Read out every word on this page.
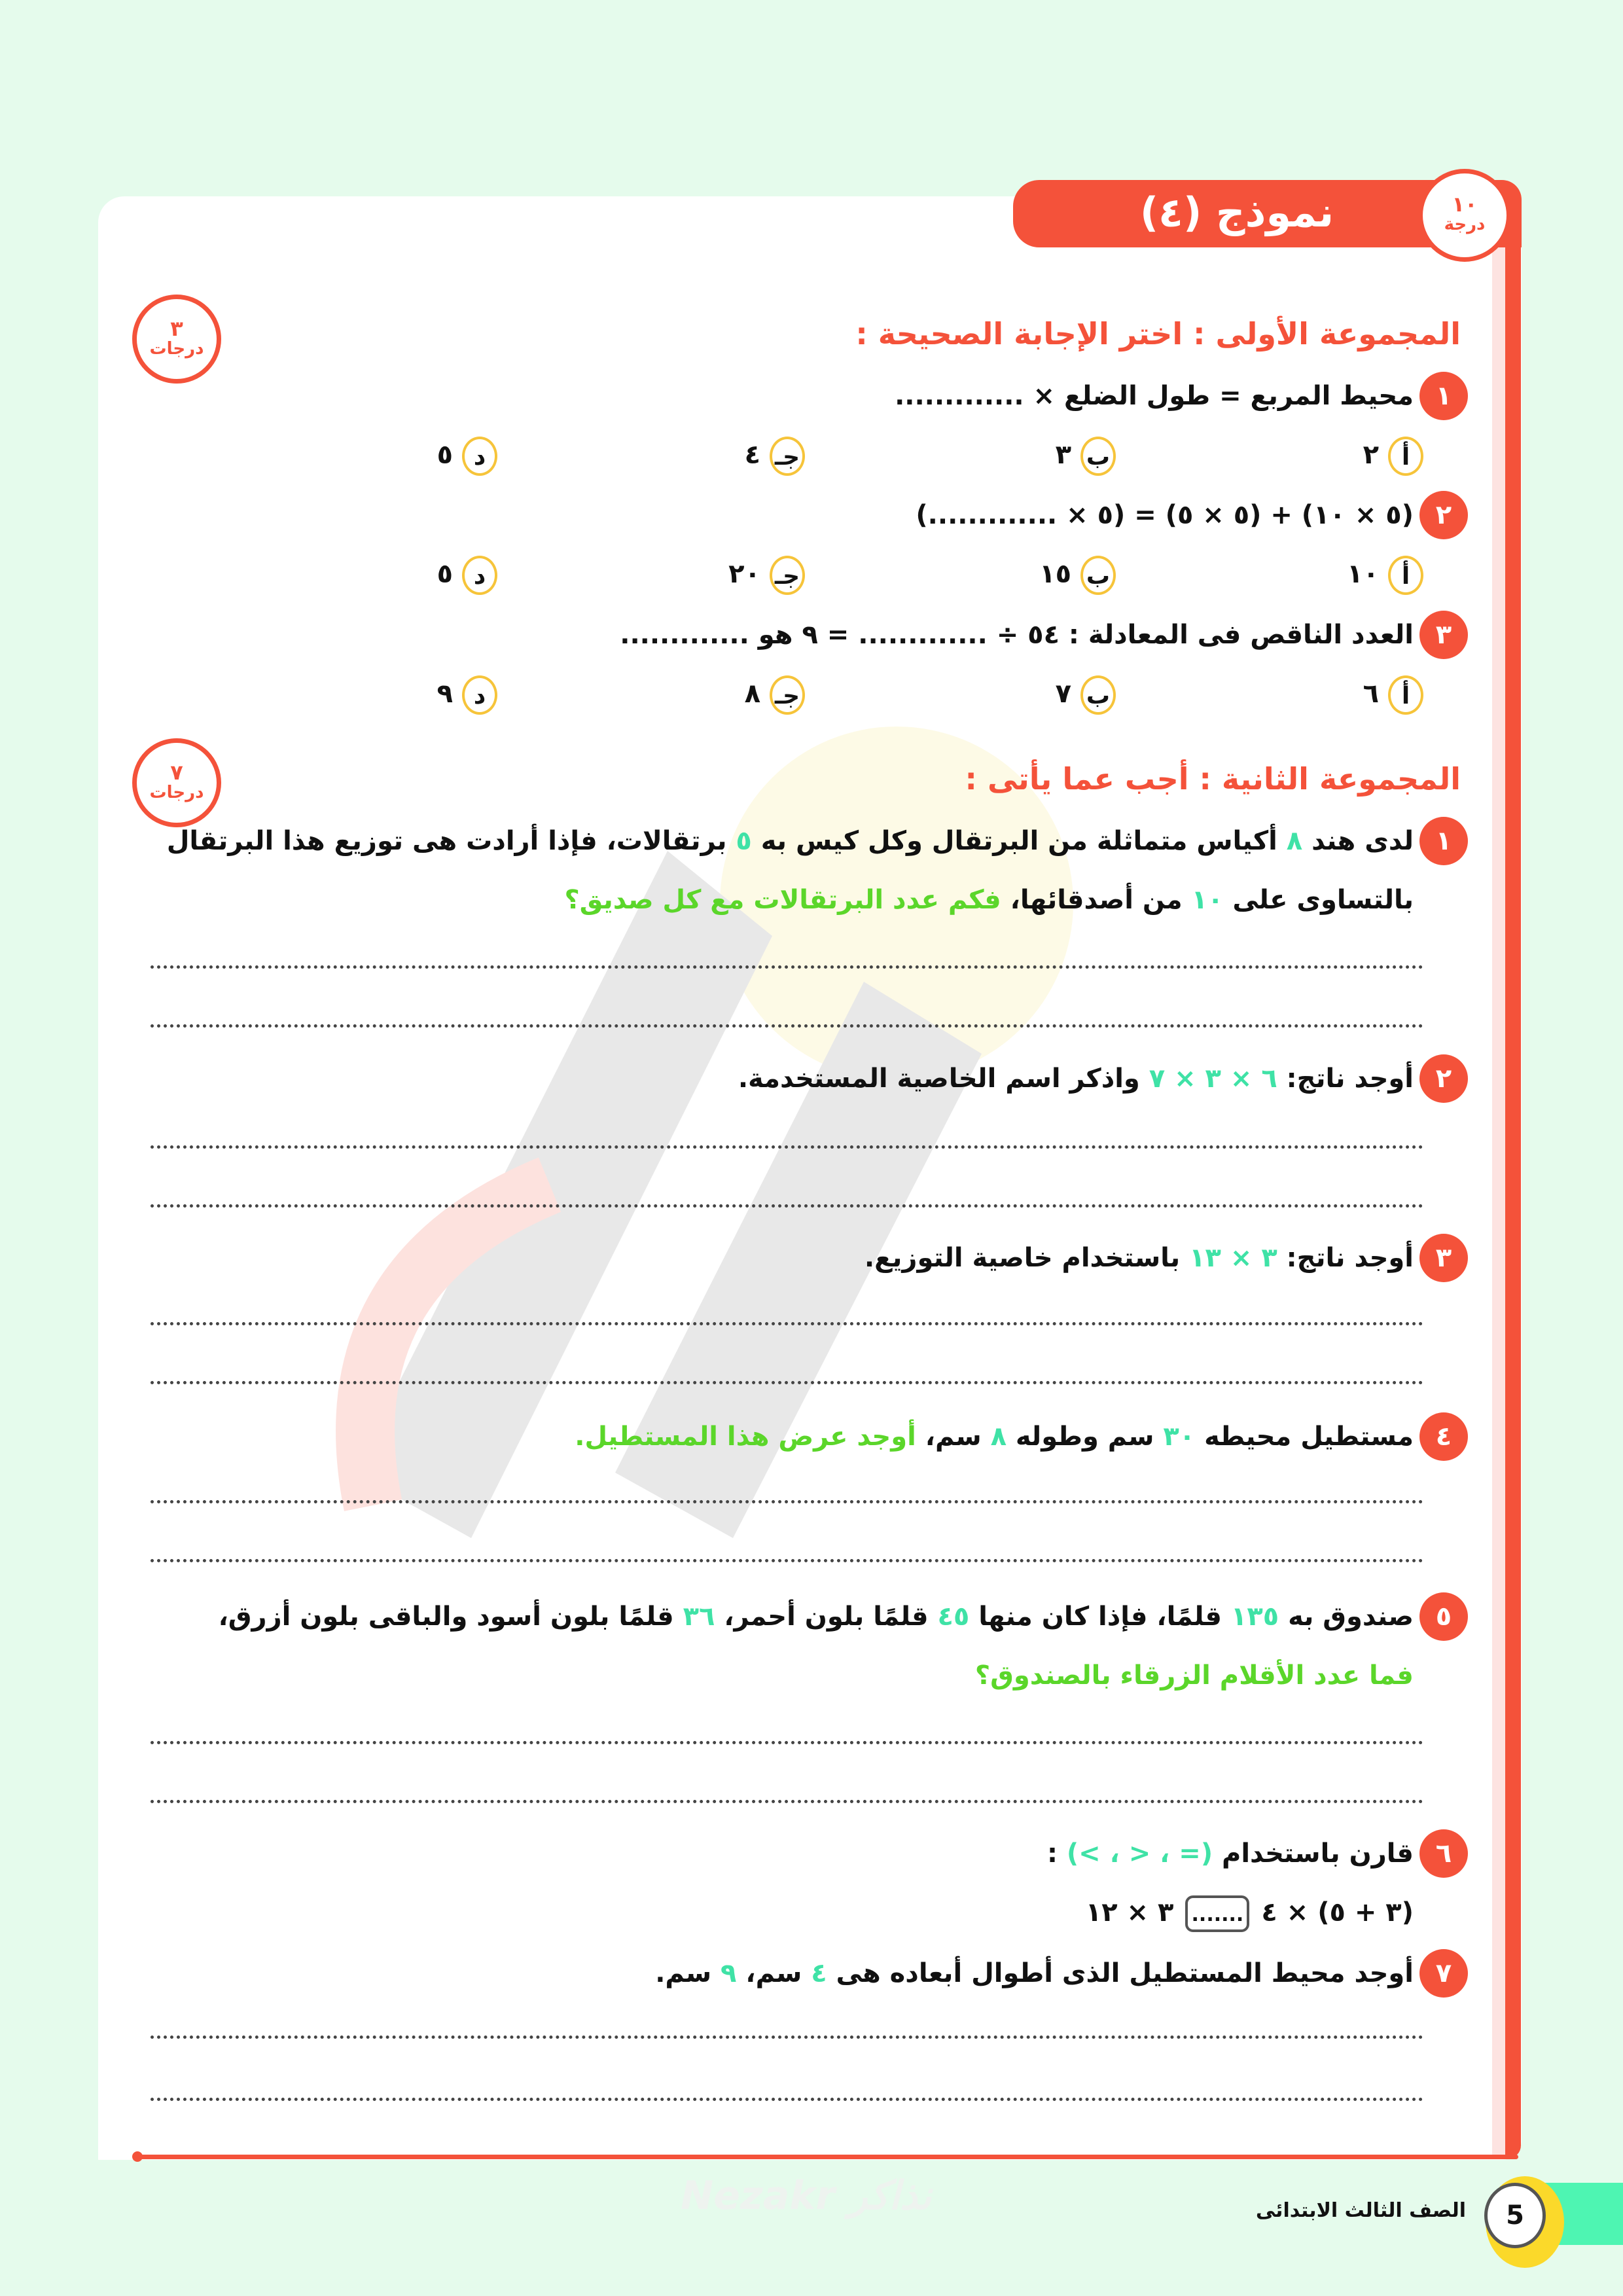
نموذج (٤)	١٠
درجة
٣
درجات
٧
درجات
المجموعة الأولى : اختر الإجابة الصحيحة :
١
محيط المربع = طول الضلع × .............
أ٢
ب٣
جـ٤
د٥
٢
(٥ × ١٠) + (٥ × ٥) = (٥ × .............)
أ١٠
ب١٥
جـ٢٠
د٥
٣
العدد الناقص فى المعادلة : ٥٤ ÷ ............. = ٩ هو .............
أ٦
ب٧
جـ٨
د٩
المجموعة الثانية : أجب عما يأتى :
١
لدى هند ٨ أكياس متماثلة من البرتقال وكل كيس به ٥ برتقالات، فإذا أرادت هى توزيع هذا البرتقال
بالتساوى على ١٠ من أصدقائها، فكم عدد البرتقالات مع كل صديق؟
٢
أوجد ناتج: ٦ × ٣ × ٧ واذكر اسم الخاصية المستخدمة.
٣
أوجد ناتج: ٣ × ١٣ باستخدام خاصية التوزيع.
٤
مستطيل محيطه ٣٠ سم وطوله ٨ سم، أوجد عرض هذا المستطيل.
٥
صندوق به ١٣٥ قلمًا، فإذا كان منها ٤٥ قلمًا بلون أحمر، ٣٦ قلمًا بلون أسود والباقى بلون أزرق،
فما عدد الأقلام الزرقاء بالصندوق؟
٦
قارن باستخدام (= ، < ، >) :
(٣ + ٥) × ٤.......٣ × ١٢
٧
أوجد محيط المستطيل الذى أطوال أبعاده هى ٤ سم، ٩ سم.
Nezakr نذاكر	5
الصف الثالث الابتدائى
